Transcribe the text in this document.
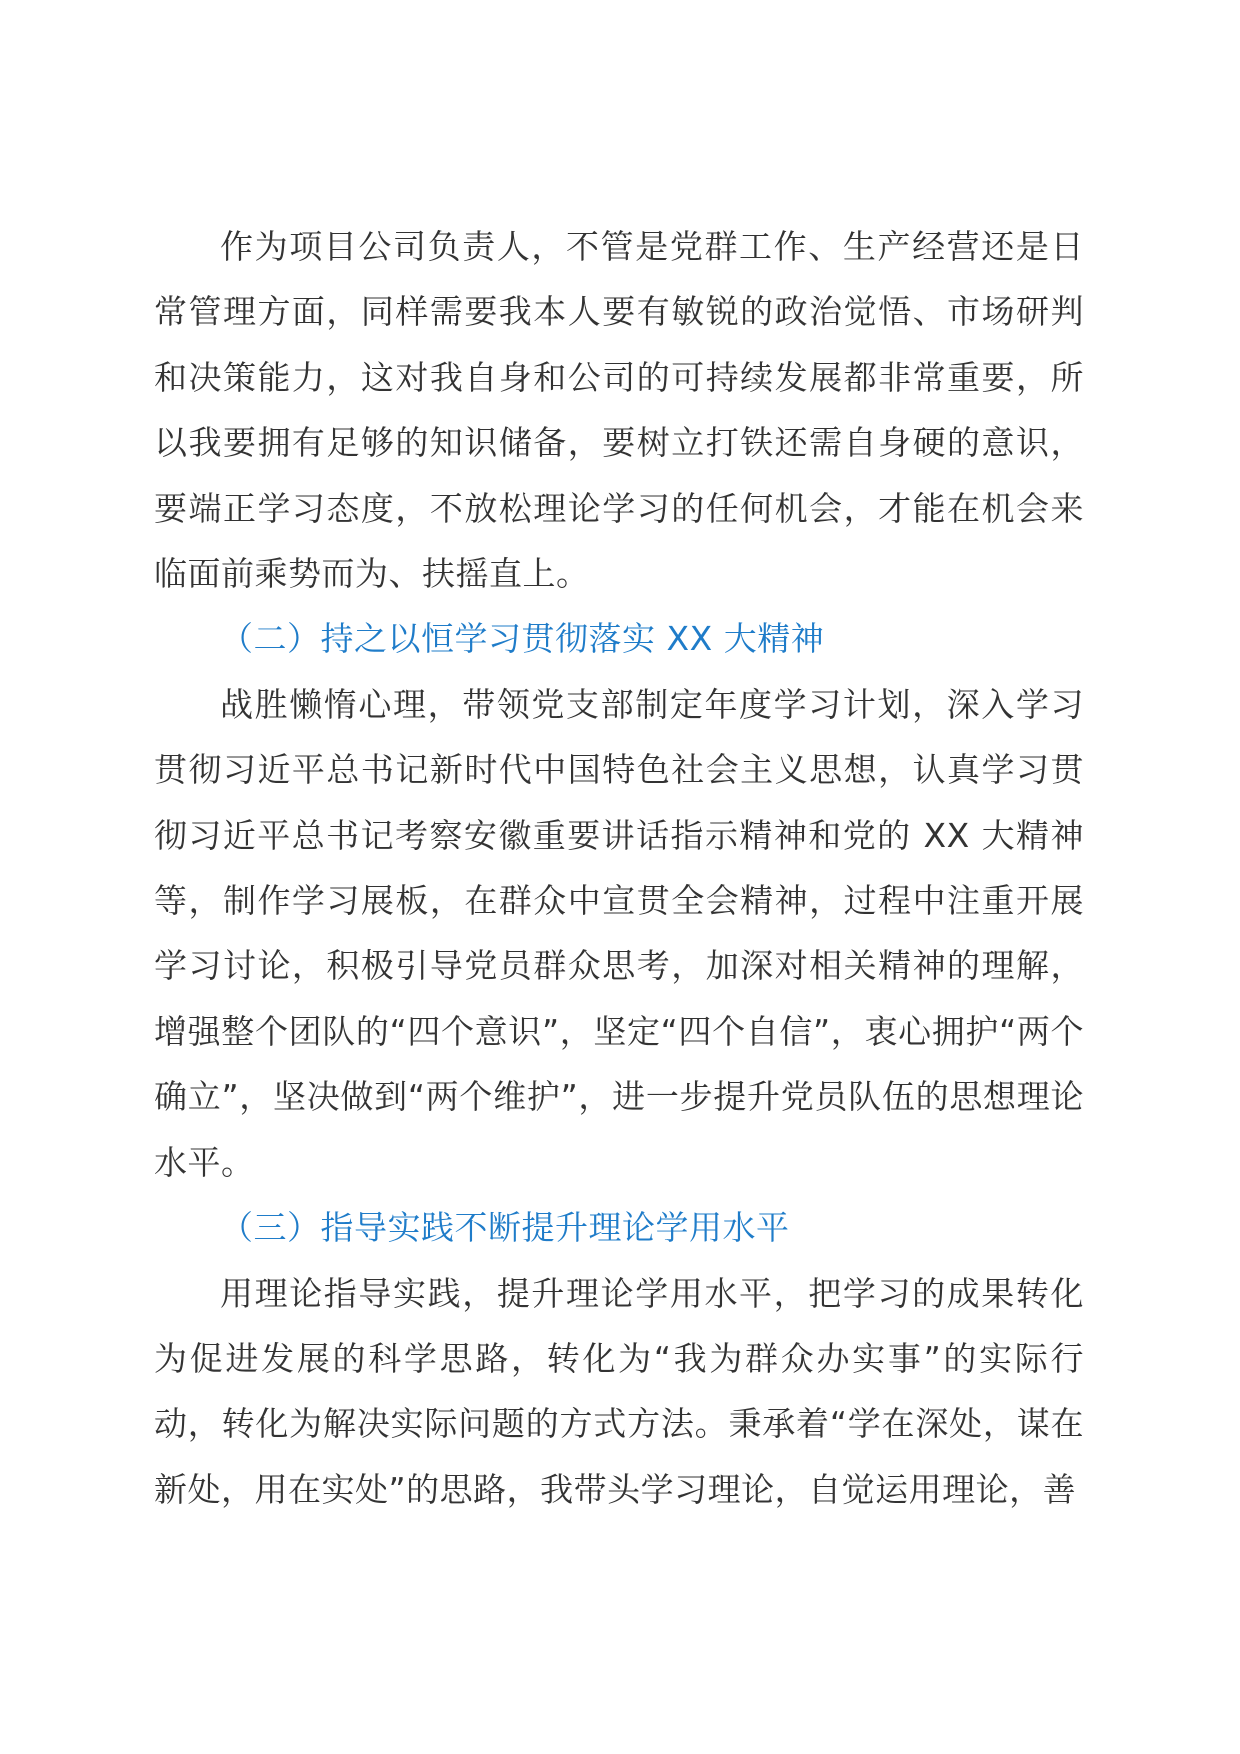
作为项目公司负责人，不管是党群工作、生产经营还是日常管理方面，同样需要我本人要有敏锐的政治觉悟、市场研判和决策能力，这对我自身和公司的可持续发展都非常重要，所以我要拥有足够的知识储备，要树立打铁还需自身硬的意识，要端正学习态度，不放松理论学习的任何机会，才能在机会来临面前乘势而为、扶摇直上。

（二）持之以恒学习贯彻落实 XX 大精神

战胜懒惰心理，带领党支部制定年度学习计划，深入学习贯彻习近平总书记新时代中国特色社会主义思想，认真学习贯彻习近平总书记考察安徽重要讲话指示精神和党的 XX 大精神等，制作学习展板，在群众中宣贯全会精神，过程中注重开展学习讨论，积极引导党员群众思考，加深对相关精神的理解，增强整个团队的“四个意识”，坚定“四个自信”，衷心拥护“两个确立”，坚决做到“两个维护”，进一步提升党员队伍的思想理论水平。

（三）指导实践不断提升理论学用水平

用理论指导实践，提升理论学用水平，把学习的成果转化为促进发展的科学思路，转化为“我为群众办实事”的实际行动，转化为解决实际问题的方式方法。秉承着“学在深处，谋在新处，用在实处”的思路，我带头学习理论，自觉运用理论，善
